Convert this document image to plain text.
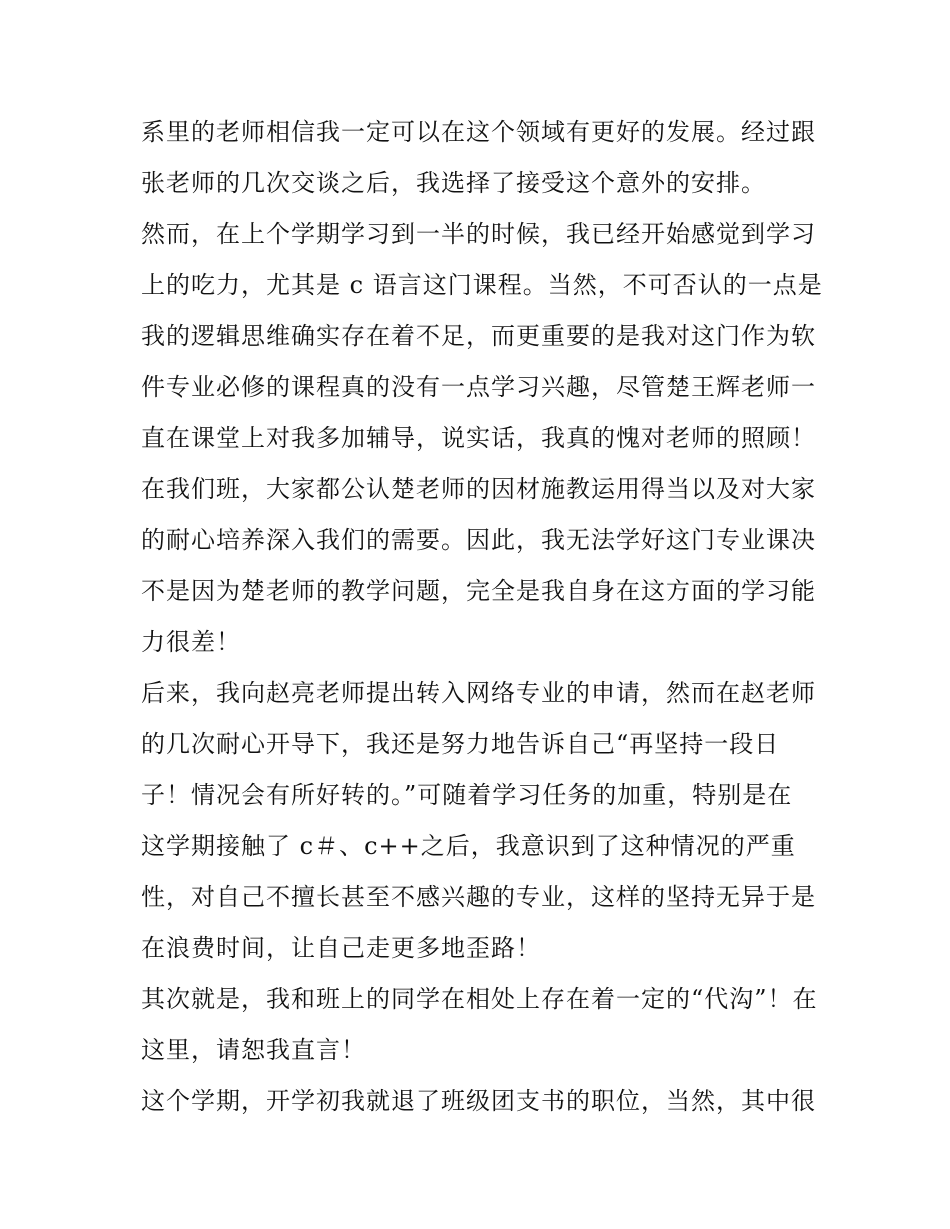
系里的老师相信我一定可以在这个领域有更好的发展。经过跟
张老师的几次交谈之后，我选择了接受这个意外的安排。
然而，在上个学期学习到一半的时候，我已经开始感觉到学习
上的吃力，尤其是 c 语言这门课程。当然，不可否认的一点是
我的逻辑思维确实存在着不足，而更重要的是我对这门作为软
件专业必修的课程真的没有一点学习兴趣，尽管楚王辉老师一
直在课堂上对我多加辅导，说实话，我真的愧对老师的照顾！
在我们班，大家都公认楚老师的因材施教运用得当以及对大家
的耐心培养深入我们的需要。因此，我无法学好这门专业课决
不是因为楚老师的教学问题，完全是我自身在这方面的学习能
力很差！
后来，我向赵亮老师提出转入网络专业的申请，然而在赵老师
的几次耐心开导下，我还是努力地告诉自己“再坚持一段日
子！情况会有所好转的。”可随着学习任务的加重，特别是在
这学期接触了 c＃、c++之后，我意识到了这种情况的严重
性，对自己不擅长甚至不感兴趣的专业，这样的坚持无异于是
在浪费时间，让自己走更多地歪路！
其次就是，我和班上的同学在相处上存在着一定的“代沟”！在
这里，请恕我直言！
这个学期，开学初我就退了班级团支书的职位，当然，其中很
